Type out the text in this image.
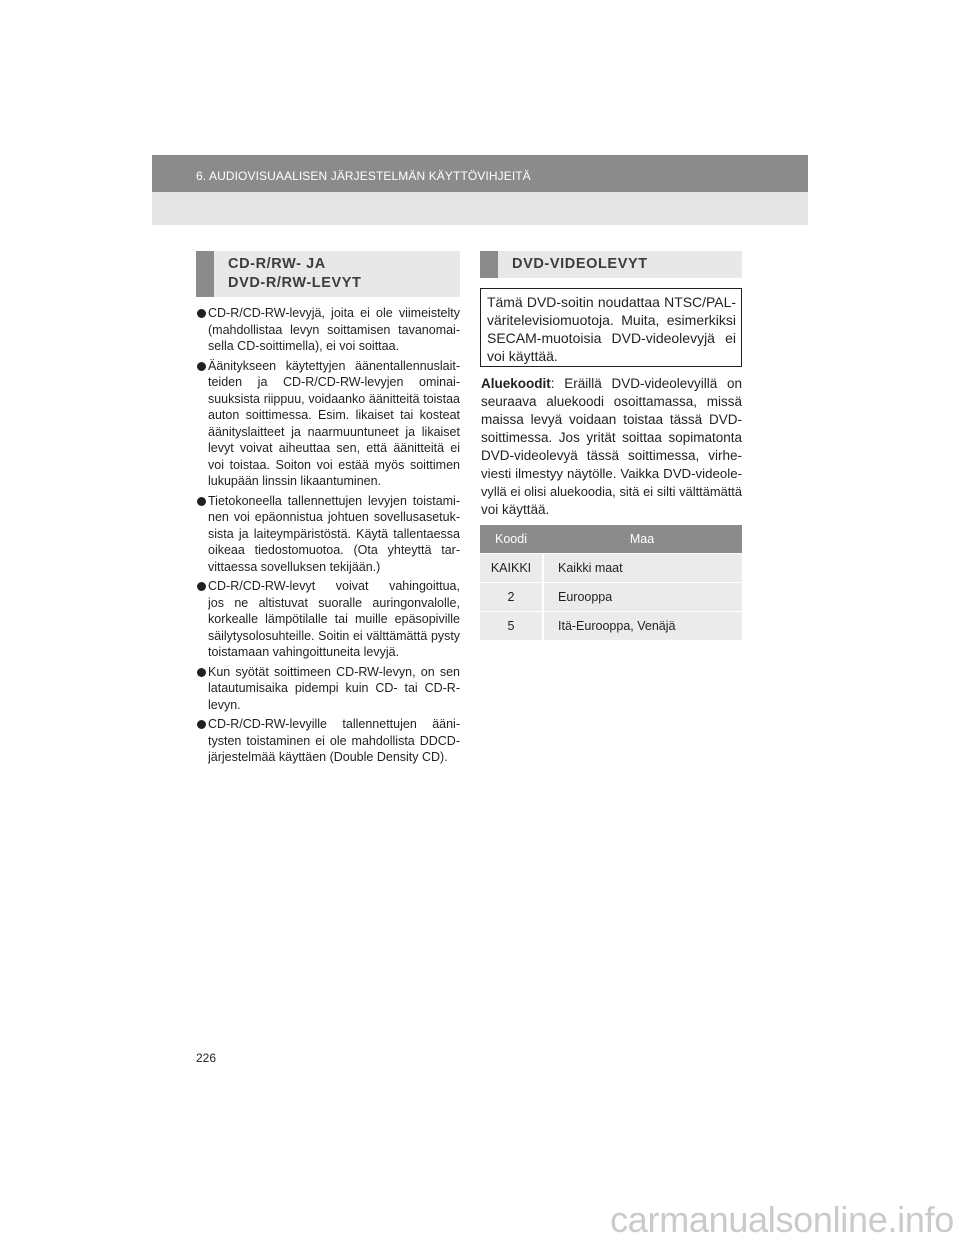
6. AUDIOVISUAALISEN JÄRJESTELMÄN KÄYTTÖVIHJEITÄ
CD-R/RW- JA
DVD-R/RW-LEVYT
CD-R/CD-RW-levyjä, joita ei ole viimeistelty
(mahdollistaa levyn soittamisen tavanomai-
sella CD-soittimella), ei voi soittaa.
Äänitykseen käytettyjen äänentallennuslait-
teiden ja CD-R/CD-RW-levyjen ominai-
suuksista riippuu, voidaanko äänitteitä toistaa
auton soittimessa. Esim. likaiset tai kosteat
äänityslaitteet ja naarmuuntuneet ja likaiset
levyt voivat aiheuttaa sen, että äänitteitä ei
voi toistaa. Soiton voi estää myös soittimen
lukupään linssin likaantuminen.
Tietokoneella tallennettujen levyjen toistami-
nen voi epäonnistua johtuen sovellusasetuk-
sista ja laiteympäristöstä. Käytä tallentaessa
oikeaa tiedostomuotoa. (Ota yhteyttä tar-
vittaessa sovelluksen tekijään.)
CD-R/CD-RW-levyt voivat vahingoittua,
jos ne altistuvat suoralle auringonvalolle,
korkealle lämpötilalle tai muille epäsopiville
säilytysolosuhteille. Soitin ei välttämättä pysty
toistamaan vahingoittuneita levyjä.
Kun syötät soittimeen CD-RW-levyn, on sen
latautumisaika pidempi kuin CD- tai CD-R-
levyn.
CD-R/CD-RW-levyille tallennettujen ääni-
tysten toistaminen ei ole mahdollista DDCD-
järjestelmää käyttäen (Double Density CD).
DVD-VIDEOLEVYT
Tämä DVD-soitin noudattaa NTSC/PAL-
väritelevisiomuotoja. Muita, esimerkiksi
SECAM-muotoisia DVD-videolevyjä ei
voi käyttää.
Aluekoodit: Eräillä DVD-videolevyillä on
seuraava aluekoodi osoittamassa, missä
maissa levyä voidaan toistaa tässä DVD-
soittimessa. Jos yrität soittaa sopimatonta
DVD-videolevyä tässä soittimessa, virhe-
viesti ilmestyy näytölle. Vaikka DVD-videole-
vyllä ei olisi aluekoodia, sitä ei silti välttämättä
voi käyttää.
Koodi	Maa
KAIKKI	Kaikki maat
2	Eurooppa
5	Itä-Eurooppa, Venäjä
226
carmanualsonline.info
